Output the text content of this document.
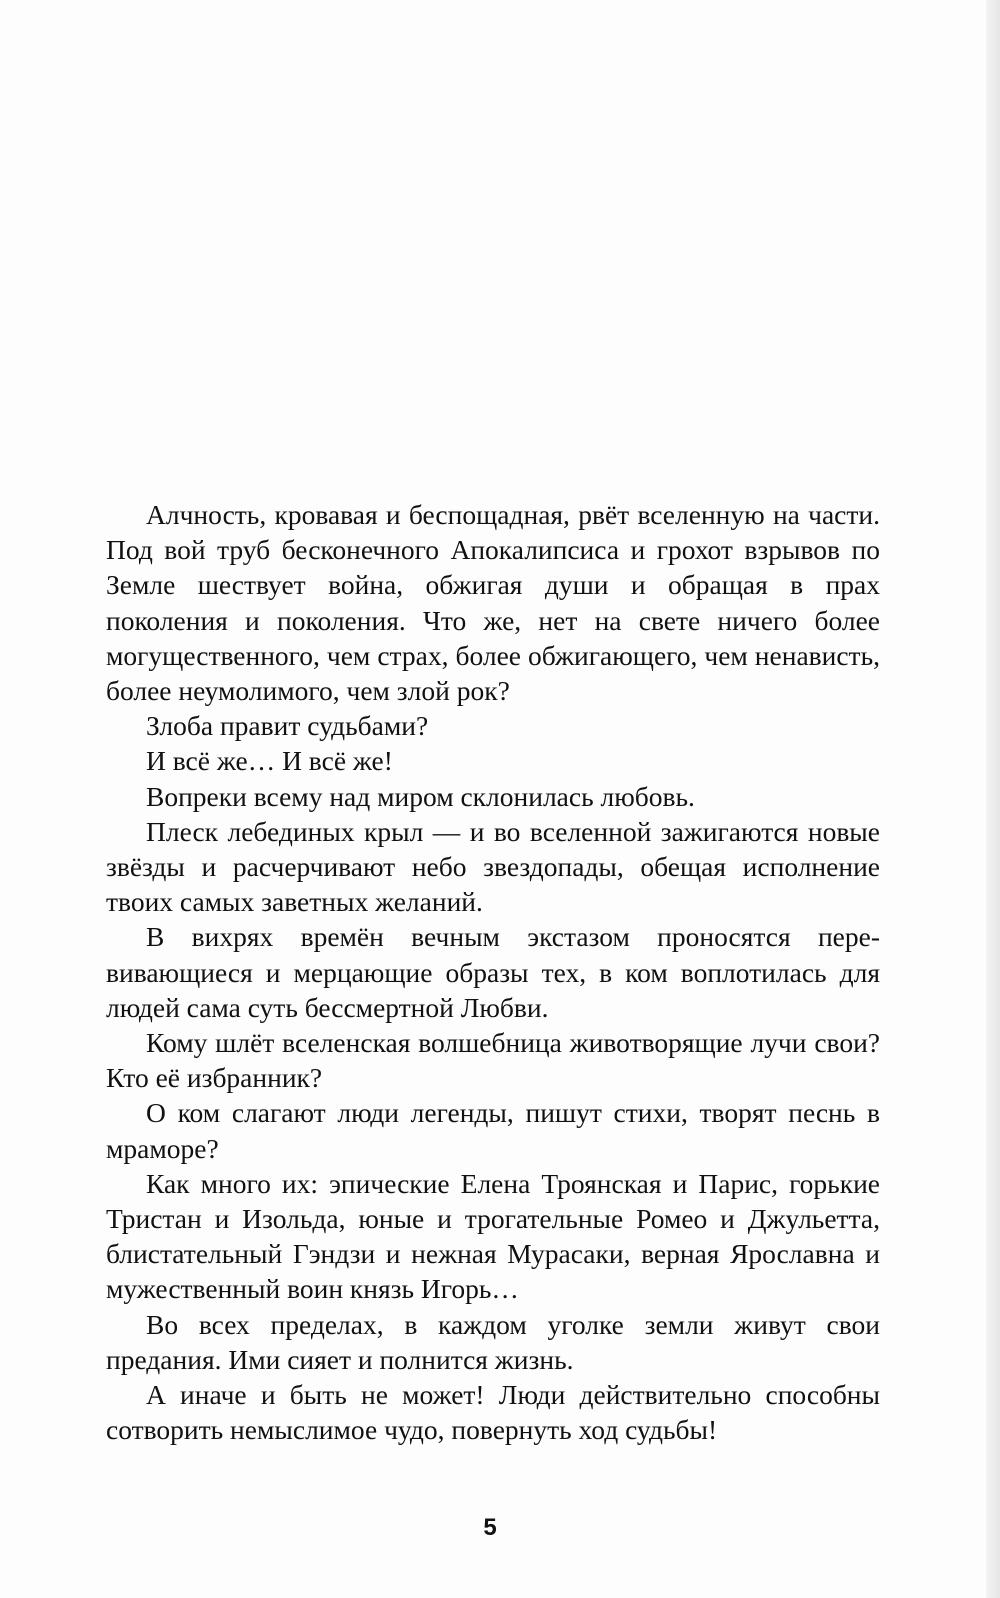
Алчность, кровавая и беспощадная, рвёт вселенную на части. Под вой труб бесконечного Апокалипсиса и грохот взрывов по Земле шествует война, обжигая души и обращая в прах поколения и поколения. Что же, нет на свете ничего более могущественного, чем страх, более обжигающего, чем ненависть, более неумолимого, чем злой рок?

Злоба правит судьбами?

И всё же… И всё же!

Вопреки всему над миром склонилась любовь.

Плеск лебединых крыл — и во вселенной зажигаются новые звёзды и расчерчивают небо звездопады, обещая исполнение твоих самых заветных желаний.

В вихрях времён вечным экстазом проносятся перевивающиеся и мерцающие образы тех, в ком воплотилась для людей сама суть бессмертной Любви.

Кому шлёт вселенская волшебница животворящие лучи свои? Кто её избранник?

О ком слагают люди легенды, пишут стихи, творят песнь в мраморе?

Как много их: эпические Елена Троянская и Парис, горькие Тристан и Изольда, юные и трогательные Ромео и Джульетта, блистательный Гэндзи и нежная Мурасаки, верная Ярославна и мужественный воин князь Игорь…

Во всех пределах, в каждом уголке земли живут свои предания. Ими сияет и полнится жизнь.

А иначе и быть не может! Люди действительно способны сотворить немыслимое чудо, повернуть ход судьбы!

5
